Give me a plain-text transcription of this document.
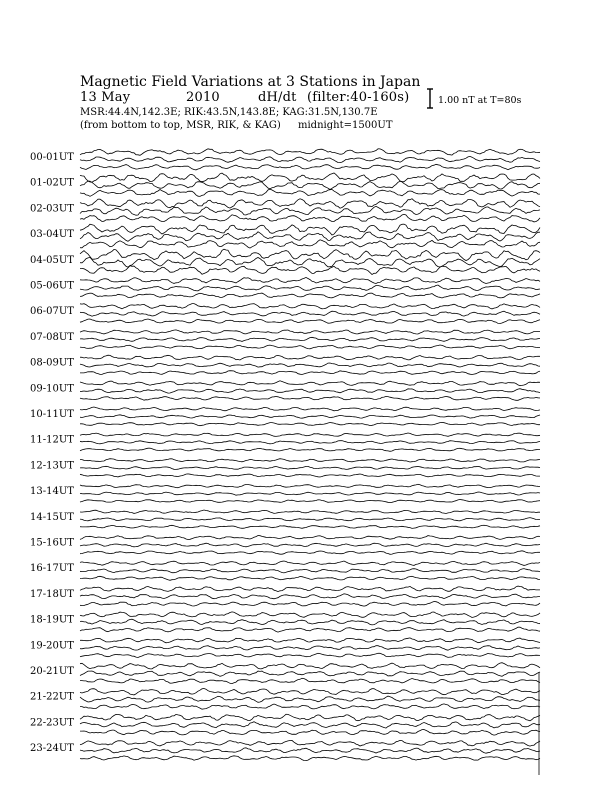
Magnetic Field Variations at 3 Stations in Japan
13 May	2010	dH/dt (filter:40-160s)
MSR:44.4N,142.3E; RIK:43.5N,143.8E; KAG:31.5N,130.7E
(from bottom to top, MSR, RIK, & KAG) midnight=1500UT
1.00 nT at T=80s
00-01UT
01-02UT
02-03UT
03-04UT
04-05UT
05-06UT
06-07UT
07-08UT
08-09UT
09-10UT
10-11UT
11-12UT
12-13UT
13-14UT
14-15UT
15-16UT
16-17UT
17-18UT
18-19UT
19-20UT
20-21UT
21-22UT
22-23UT
23-24UT
